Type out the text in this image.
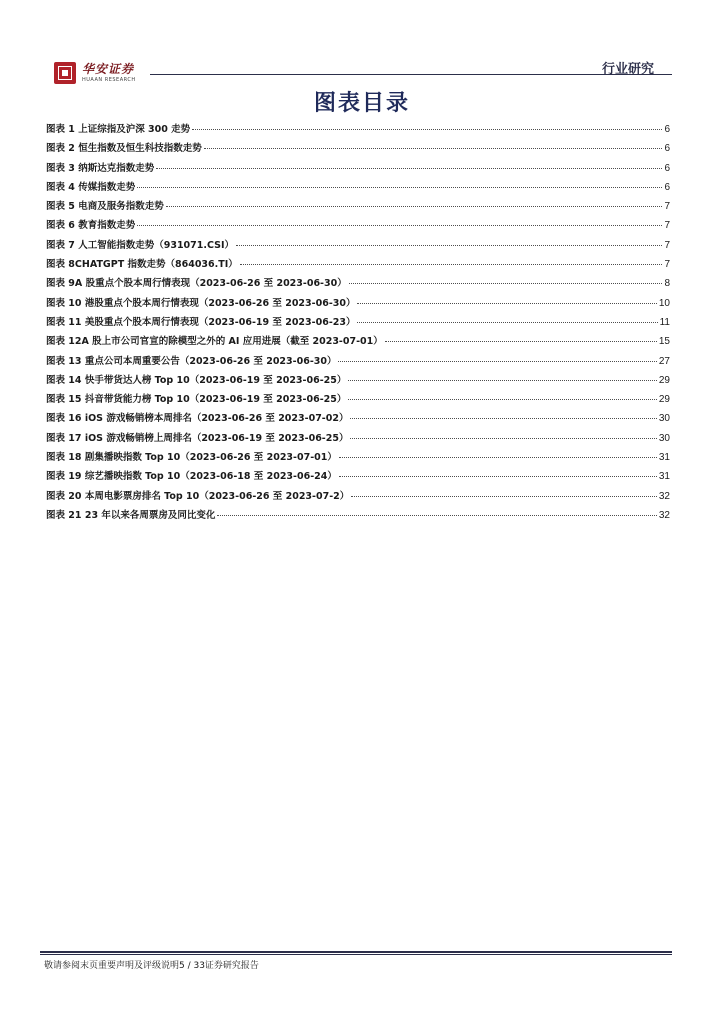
华安证券
HUAAN RESEARCH
行业研究
图表目录
图表 1 上证综指及沪深 300 走势	6
图表 2 恒生指数及恒生科技指数走势	6
图表 3 纳斯达克指数走势	6
图表 4 传媒指数走势	6
图表 5 电商及服务指数走势	7
图表 6 教育指数走势	7
图表 7 人工智能指数走势（931071.CSI）	7
图表 8CHATGPT 指数走势（864036.TI）	7
图表 9A 股重点个股本周行情表现（2023-06-26 至 2023-06-30）	8
图表 10 港股重点个股本周行情表现（2023-06-26 至 2023-06-30）	10
图表 11 美股重点个股本周行情表现（2023-06-19 至 2023-06-23）	11
图表 12A 股上市公司官宣的除模型之外的 AI 应用进展（截至 2023-07-01）	15
图表 13 重点公司本周重要公告（2023-06-26 至 2023-06-30）	27
图表 14 快手带货达人榜 Top 10（2023-06-19 至 2023-06-25）	29
图表 15 抖音带货能力榜 Top 10（2023-06-19 至 2023-06-25）	29
图表 16 iOS 游戏畅销榜本周排名（2023-06-26 至 2023-07-02）	30
图表 17 iOS 游戏畅销榜上周排名（2023-06-19 至 2023-06-25）	30
图表 18 剧集播映指数 Top 10（2023-06-26 至 2023-07-01）	31
图表 19 综艺播映指数 Top 10（2023-06-18 至 2023-06-24）	31
图表 20 本周电影票房排名 Top 10（2023-06-26 至 2023-07-2）	32
图表 21 23 年以来各周票房及同比变化	32
敬请参阅末页重要声明及评级说明5 / 33证券研究报告
